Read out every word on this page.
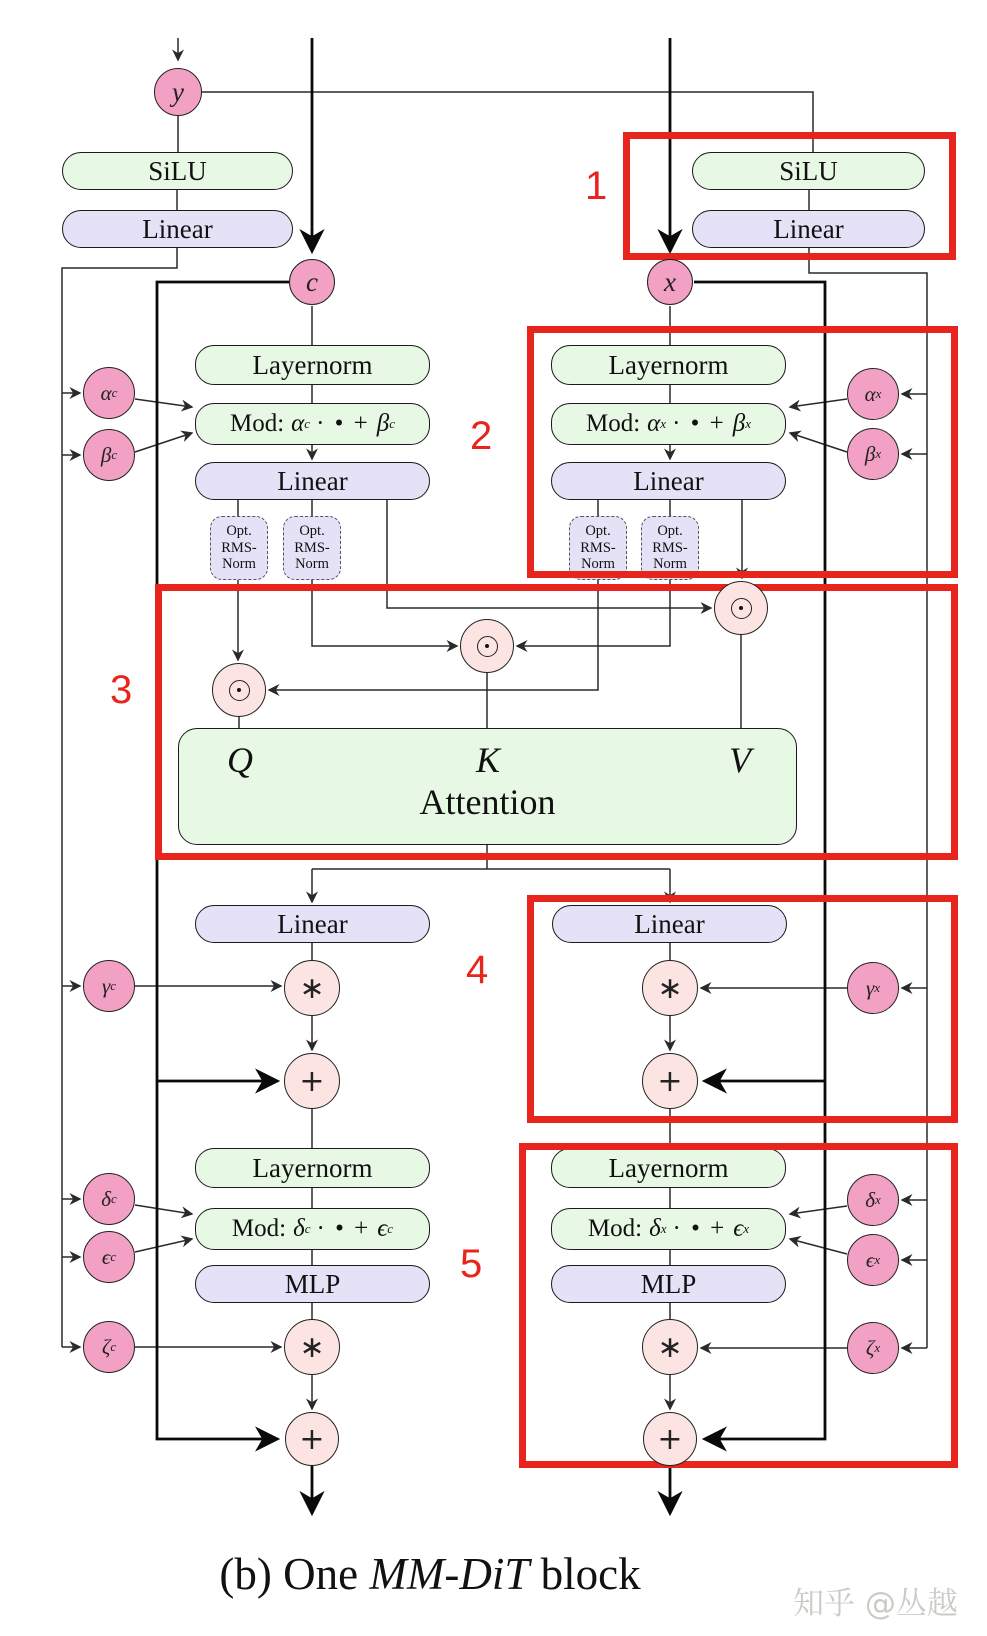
y
c	x
SiLU
Linear
SiLU
Linear
Layernorm
Mod: α c · • + β c
Linear
Opt.
RMS-
Norm
Opt.
RMS-
Norm
Layernorm
Mod: α x · • + β x
Linear
Opt.
RMS-
Norm
Opt.
RMS-
Norm
α c
β c
γ c
δ c
ϵ c
ζ c
α x
β x
γ x
δ x
ϵ x
ζ x
Q	K	V
Attention
Linear	Linear
∗	∗
+	+
Layernorm
Mod: δ c · • + ϵ c
MLP
Layernorm
Mod: δ x · • + ϵ x
MLP
∗	∗
+	+
1
2
3
4
5
(b) One MM-DiT block
知乎 @丛越
